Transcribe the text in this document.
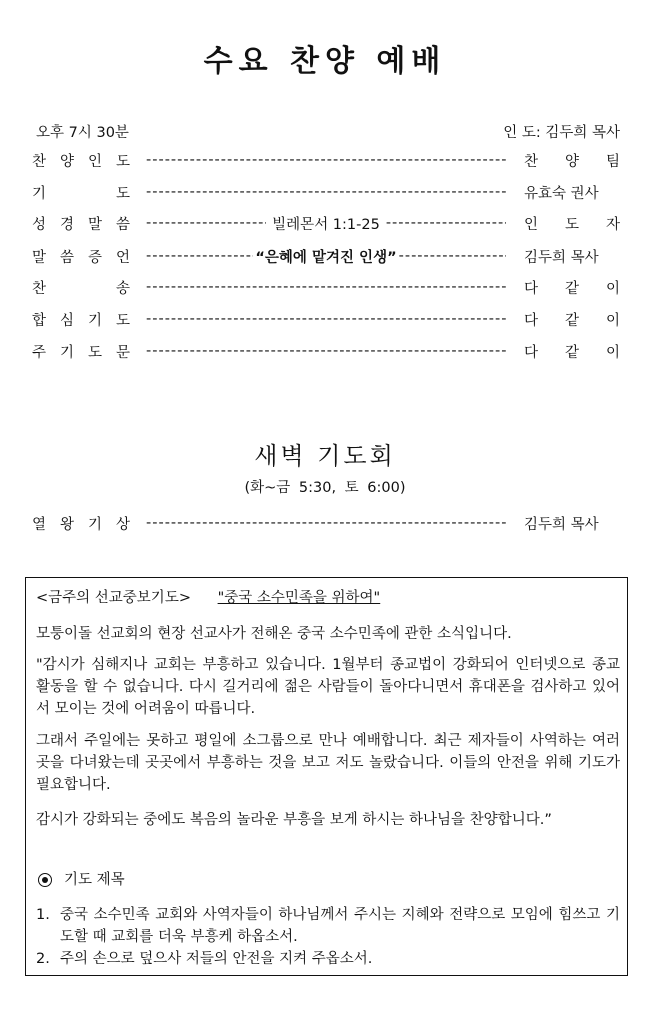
수요 찬양 예배
오후 7시 30분	인 도: 김두희 목사
찬 양 인 도 -----	찬 양 팀
기	도 -----	유효숙 권사
성 경 말 씀 -----	빌레몬서 1:1-25 -----	인 도 자
말 씀 증 언 -----	“은혜에 맡겨진 인생” -----	김두희 목사
찬	송 -----	다 같 이
합 심 기 도 -----	다 같 이
주 기 도 문 -----	다 같 이
새벽 기도회
(화~금 5:30, 토 6:00)
열 왕 기 상 -----	김두희 목사
<금주의 선교중보기도> "중국 소수민족을 위하여"
모퉁이돌 선교회의 현장 선교사가 전해온 중국 소수민족에 관한 소식입니다.
"감시가 심해지나 교회는 부흥하고 있습니다. 1월부터 종교법이 강화되어 인터넷으로 종교 활동을 할 수 없습니다. 다시 길거리에 젊은 사람들이 돌아다니면서 휴대폰을 검사하고 있어서 모이는 것에 어려움이 따릅니다.
그래서 주일에는 못하고 평일에 소그룹으로 만나 예배합니다. 최근 제자들이 사역하는 여러 곳을 다녀왔는데 곳곳에서 부흥하는 것을 보고 저도 놀랐습니다. 이들의 안전을 위해 기도가 필요합니다.
감시가 강화되는 중에도 복음의 놀라운 부흥을 보게 하시는 하나님을 찬양합니다.”
기도 제목
1. 중국 소수민족 교회와 사역자들이 하나님께서 주시는 지혜와 전략으로 모임에 힘쓰고 기도할 때 교회를 더욱 부흥케 하옵소서.
2. 주의 손으로 덮으사 저들의 안전을 지켜 주옵소서.
